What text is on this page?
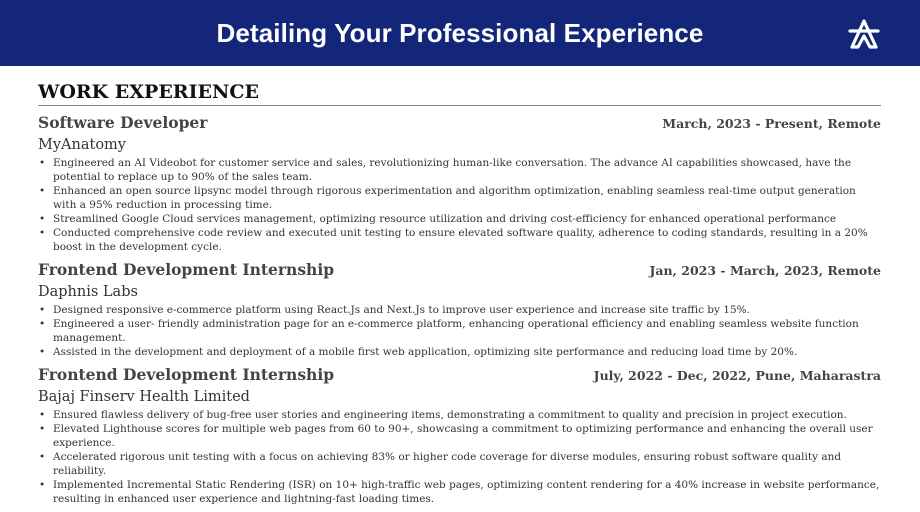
Detailing Your Professional Experience
WORK EXPERIENCE
Software Developer	March, 2023 - Present, Remote
MyAnatomy
• Engineered an AI Videobot for customer service and sales, revolutionizing human-like conversation. The advance AI capabilities showcased, have the potential to replace up to 90% of the sales team.
• Enhanced an open source lipsync model through rigorous experimentation and algorithm optimization, enabling seamless real-time output generation with a 95% reduction in processing time.
• Streamlined Google Cloud services management, optimizing resource utilization and driving cost-efficiency for enhanced operational performance
• Conducted comprehensive code review and executed unit testing to ensure elevated software quality, adherence to coding standards, resulting in a 20% boost in the development cycle.
Frontend Development Internship	Jan, 2023 - March, 2023, Remote
Daphnis Labs
• Designed responsive e-commerce platform using React.Js and Next.Js to improve user experience and increase site traffic by 15%.
• Engineered a user- friendly administration page for an e-commerce platform, enhancing operational efficiency and enabling seamless website function management.
• Assisted in the development and deployment of a mobile first web application, optimizing site performance and reducing load time by 20%.
Frontend Development Internship	July, 2022 - Dec, 2022, Pune, Maharastra
Bajaj Finserv Health Limited
• Ensured flawless delivery of bug-free user stories and engineering items, demonstrating a commitment to quality and precision in project execution.
• Elevated Lighthouse scores for multiple web pages from 60 to 90+, showcasing a commitment to optimizing performance and enhancing the overall user experience.
• Accelerated rigorous unit testing with a focus on achieving 83% or higher code coverage for diverse modules, ensuring robust software quality and reliability.
• Implemented Incremental Static Rendering (ISR) on 10+ high-traffic web pages, optimizing content rendering for a 40% increase in website performance, resulting in enhanced user experience and lightning-fast loading times.
